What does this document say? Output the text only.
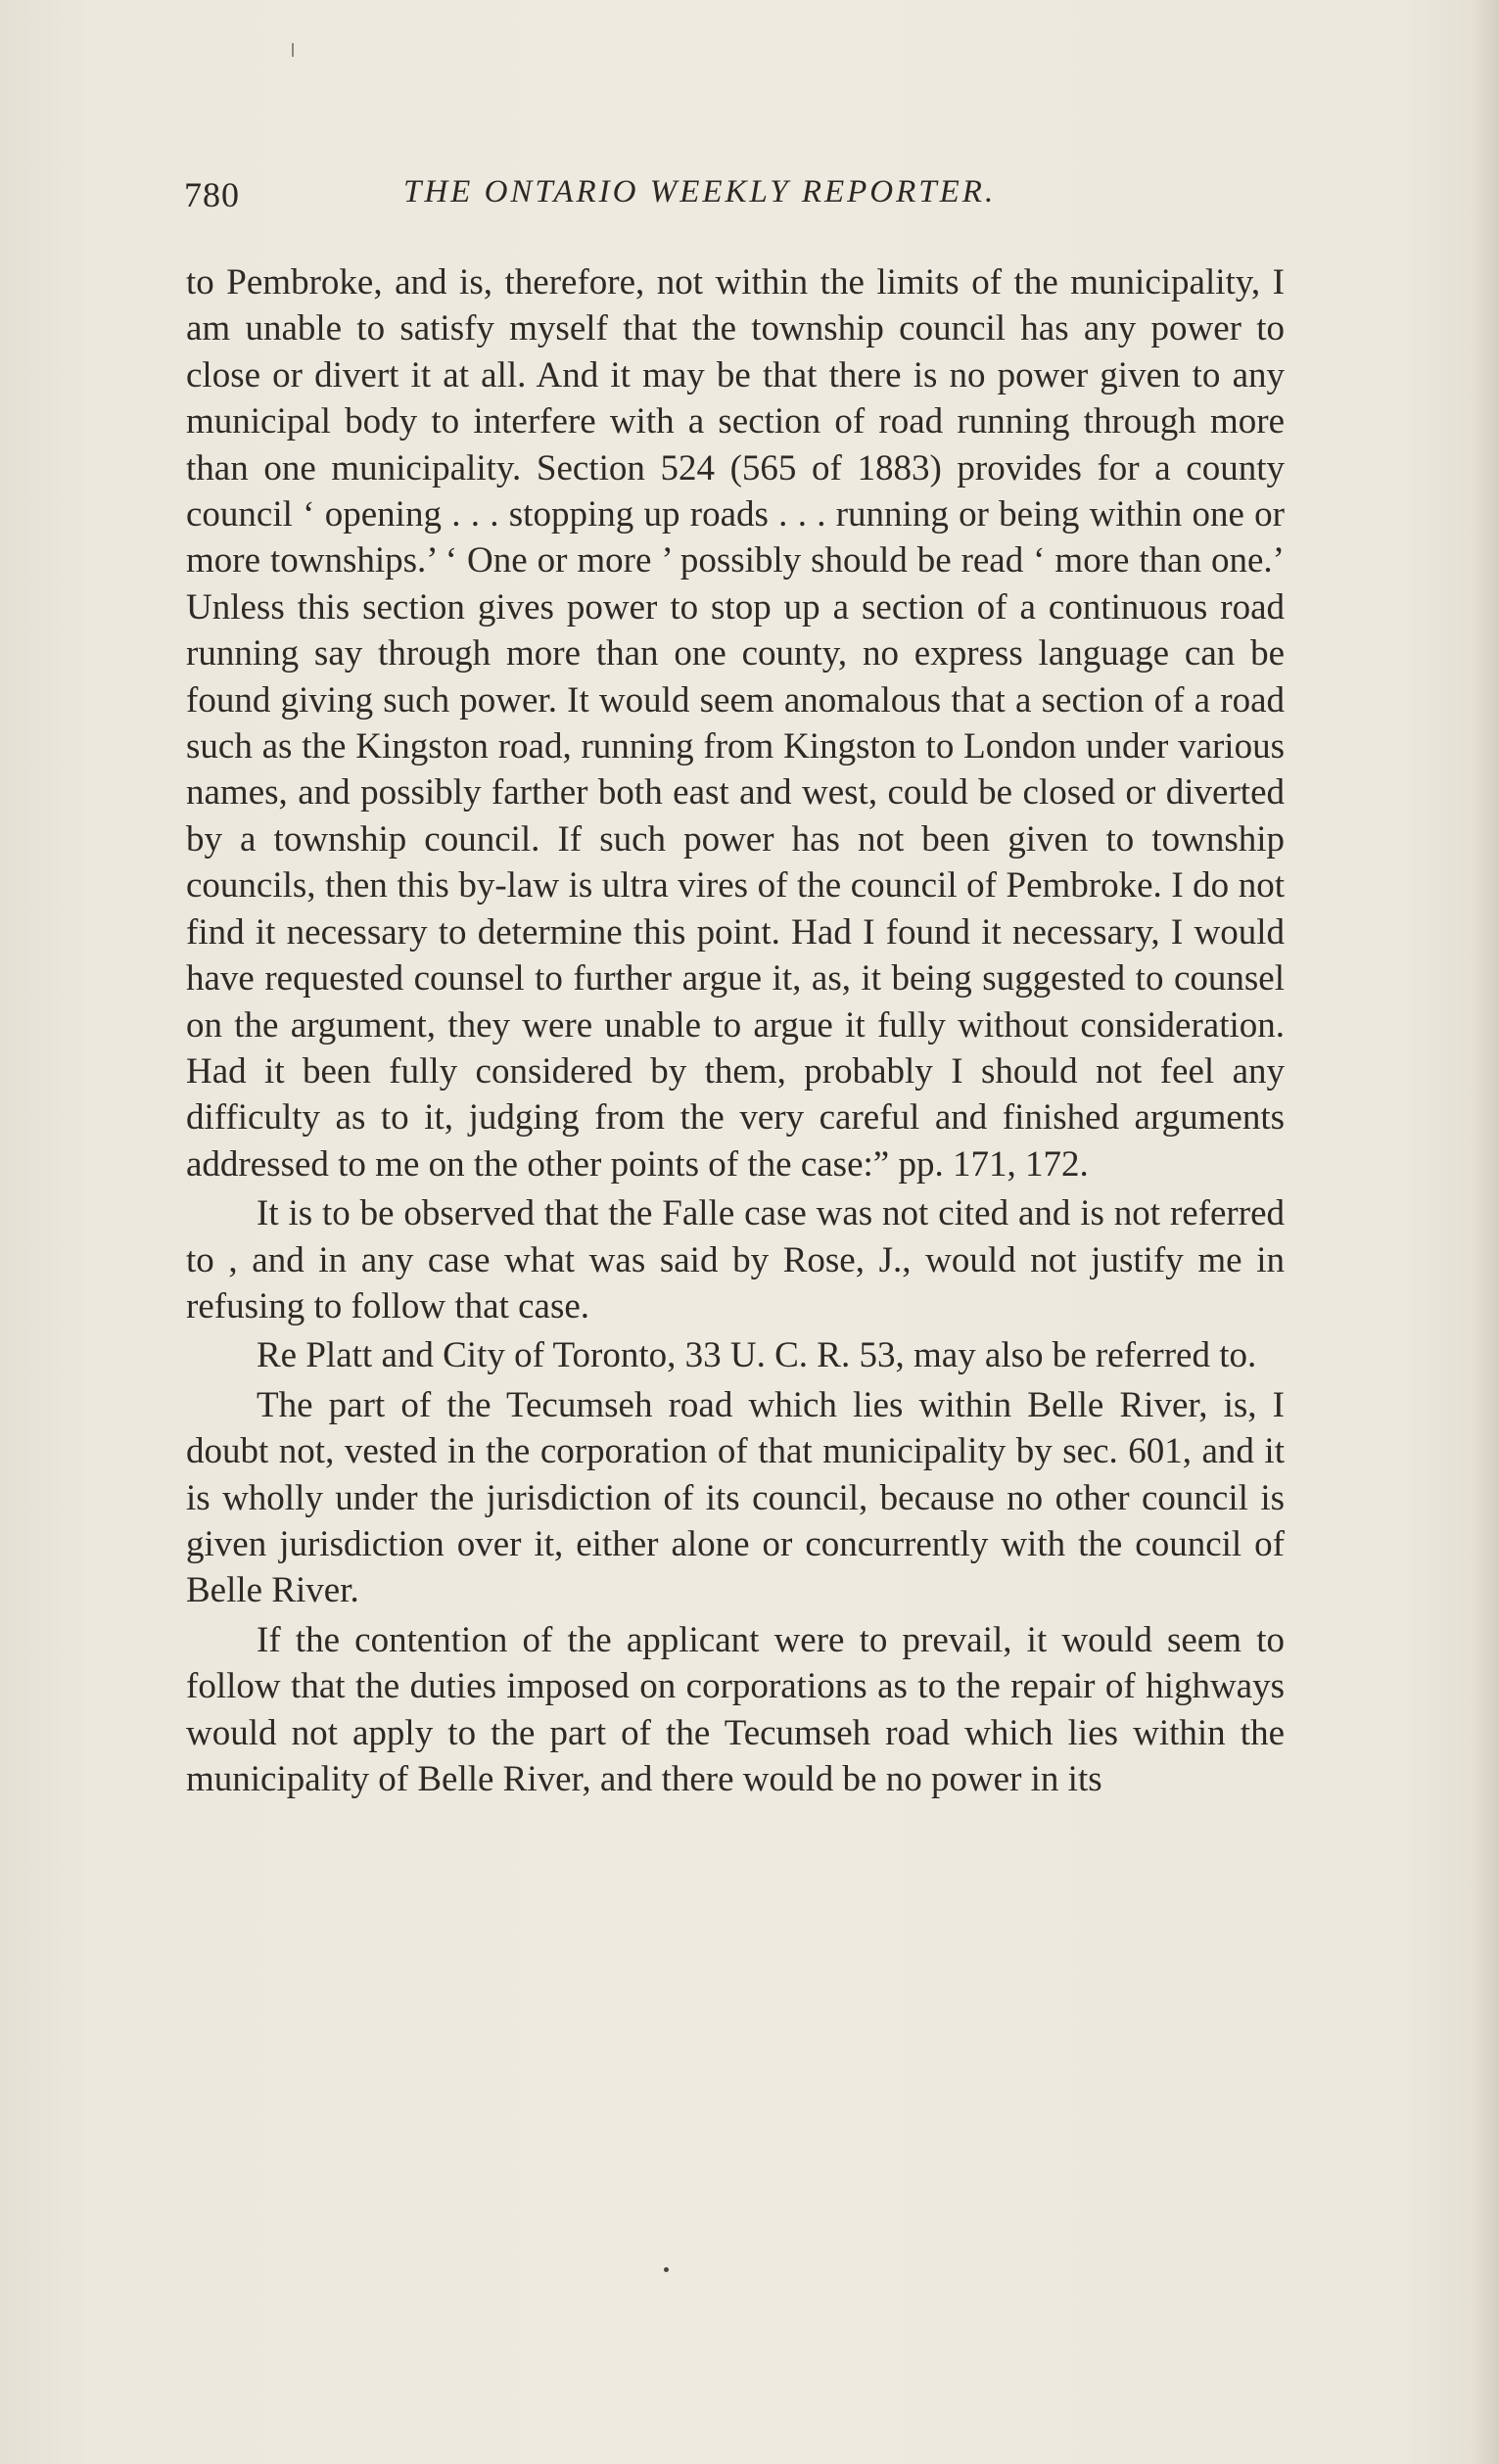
780	THE ONTARIO WEEKLY REPORTER.

to Pembroke, and is, therefore, not within the limits of the municipality, I am unable to satisfy myself that the township council has any power to close or divert it at all. And it may be that there is no power given to any municipal body to interfere with a section of road running through more than one municipality. Section 524 (565 of 1883) provides for a county council ‘ opening . . . stopping up roads . . . running or being within one or more townships.’ ‘ One or more ’ possibly should be read ‘ more than one.’ Unless this section gives power to stop up a section of a continuous road running say through more than one county, no express language can be found giving such power. It would seem anomalous that a section of a road such as the Kingston road, running from Kingston to London under various names, and possibly farther both east and west, could be closed or diverted by a township council. If such power has not been given to township councils, then this by-law is ultra vires of the council of Pembroke. I do not find it necessary to determine this point. Had I found it necessary, I would have requested counsel to further argue it, as, it being suggested to counsel on the argument, they were unable to argue it fully without consideration. Had it been fully considered by them, probably I should not feel any difficulty as to it, judging from the very careful and finished arguments addressed to me on the other points of the case:” pp. 171, 172.

It is to be observed that the Falle case was not cited and is not referred to , and in any case what was said by Rose, J., would not justify me in refusing to follow that case.

Re Platt and City of Toronto, 33 U. C. R. 53, may also be referred to.

The part of the Tecumseh road which lies within Belle River, is, I doubt not, vested in the corporation of that municipality by sec. 601, and it is wholly under the jurisdiction of its council, because no other council is given jurisdiction over it, either alone or concurrently with the council of Belle River.

If the contention of the applicant were to prevail, it would seem to follow that the duties imposed on corporations as to the repair of highways would not apply to the part of the Tecumseh road which lies within the municipality of Belle River, and there would be no power in its
